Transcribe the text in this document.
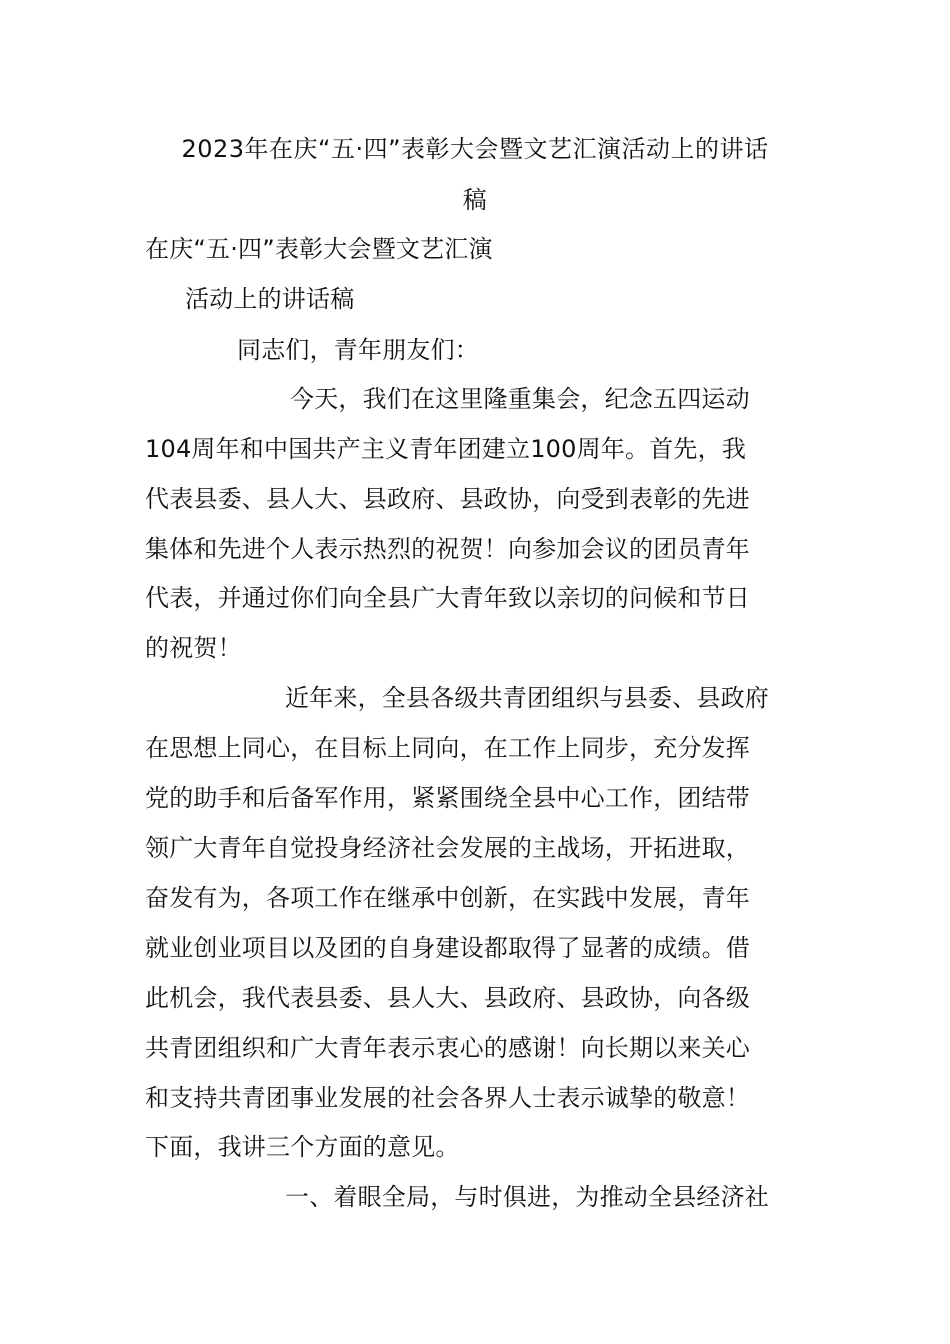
2023年在庆“五·四”表彰大会暨文艺汇演活动上的讲话
稿
在庆“五·四”表彰大会暨文艺汇演
活动上的讲话稿
同志们，青年朋友们：
今天，我们在这里隆重集会，纪念五四运动
104周年和中国共产主义青年团建立100周年。首先，我
代表县委、县人大、县政府、县政协，向受到表彰的先进
集体和先进个人表示热烈的祝贺！向参加会议的团员青年
代表，并通过你们向全县广大青年致以亲切的问候和节日
的祝贺！
近年来，全县各级共青团组织与县委、县政府
在思想上同心，在目标上同向，在工作上同步，充分发挥
党的助手和后备军作用，紧紧围绕全县中心工作，团结带
领广大青年自觉投身经济社会发展的主战场，开拓进取，
奋发有为，各项工作在继承中创新，在实践中发展，青年
就业创业项目以及团的自身建设都取得了显著的成绩。借
此机会，我代表县委、县人大、县政府、县政协，向各级
共青团组织和广大青年表示衷心的感谢！向长期以来关心
和支持共青团事业发展的社会各界人士表示诚挚的敬意！
下面，我讲三个方面的意见。
一、着眼全局，与时俱进，为推动全县经济社
